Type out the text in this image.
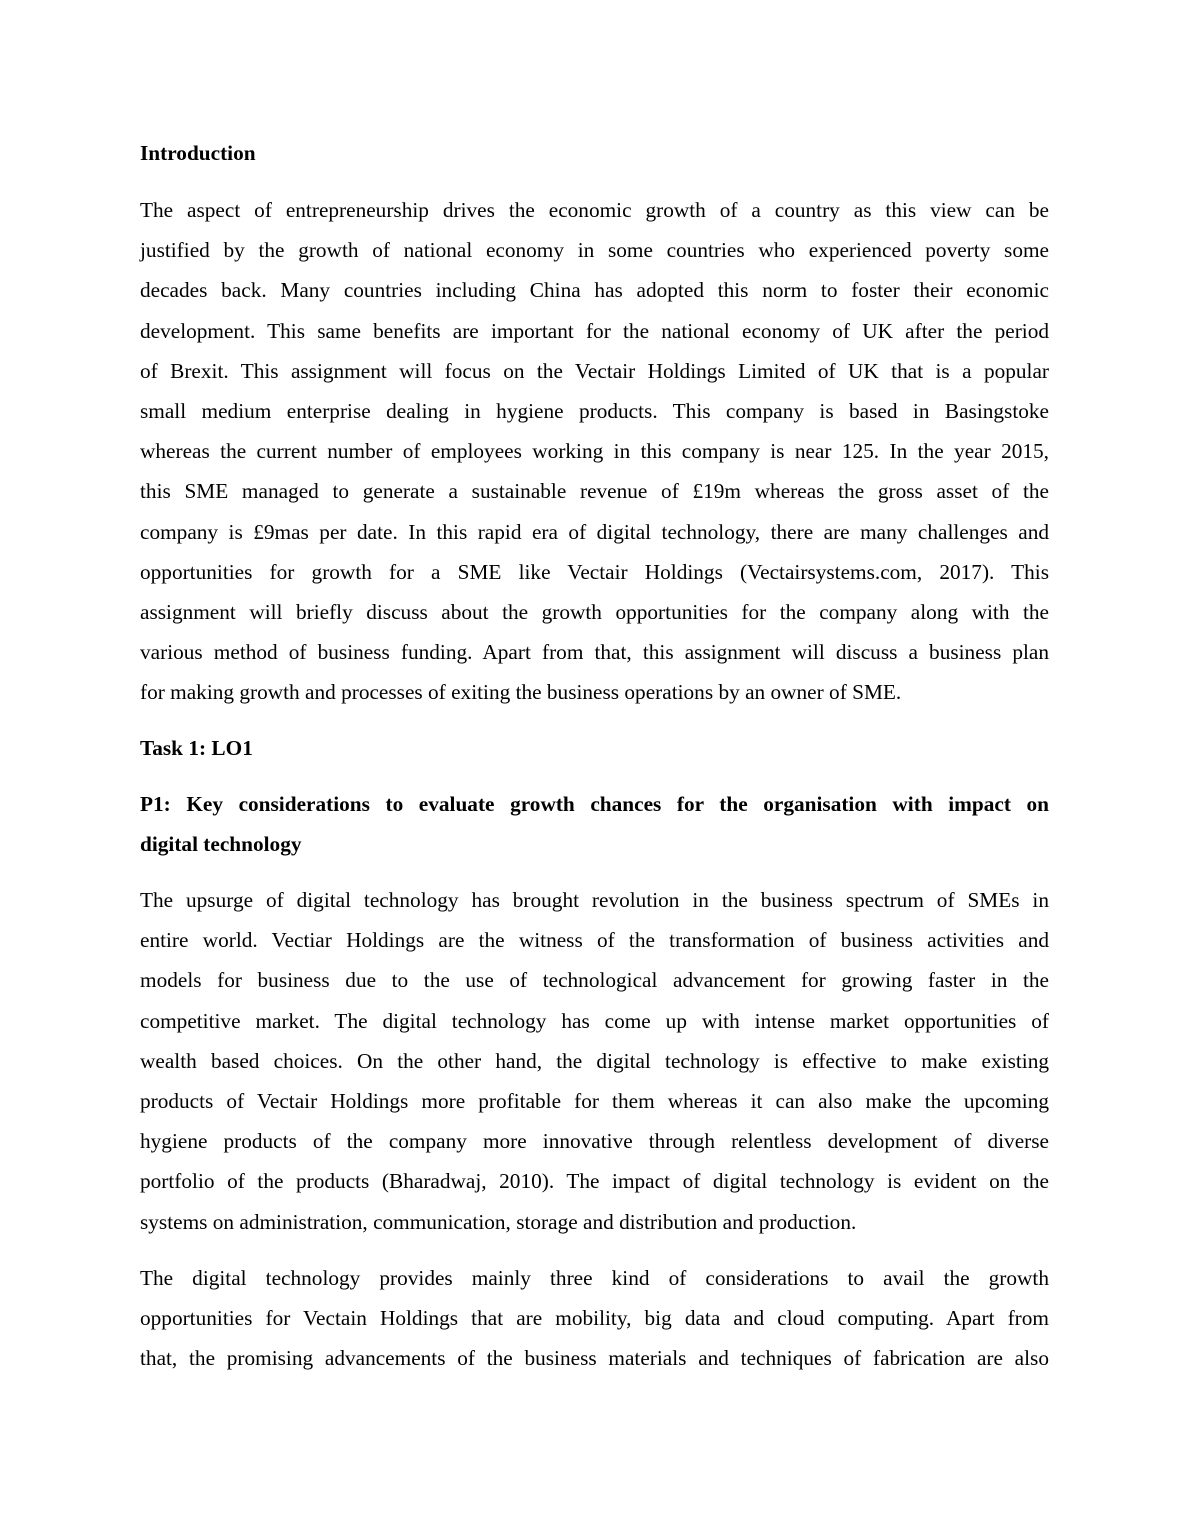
Introduction
The aspect of entrepreneurship drives the economic growth of a country as this view can be
justified by the growth of national economy in some countries who experienced poverty some
decades back. Many countries including China has adopted this norm to foster their economic
development. This same benefits are important for the national economy of UK after the period
of Brexit. This assignment will focus on the Vectair Holdings Limited of UK that is a popular
small medium enterprise dealing in hygiene products. This company is based in Basingstoke
whereas the current number of employees working in this company is near 125. In the year 2015,
this SME managed to generate a sustainable revenue of £19m whereas the gross asset of the
company is £9mas per date. In this rapid era of digital technology, there are many challenges and
opportunities for growth for a SME like Vectair Holdings (Vectairsystems.com, 2017). This
assignment will briefly discuss about the growth opportunities for the company along with the
various method of business funding. Apart from that, this assignment will discuss a business plan
for making growth and processes of exiting the business operations by an owner of SME.
Task 1: LO1
P1: Key considerations to evaluate growth chances for the organisation with impact on
digital technology
The upsurge of digital technology has brought revolution in the business spectrum of SMEs in
entire world. Vectiar Holdings are the witness of the transformation of business activities and
models for business due to the use of technological advancement for growing faster in the
competitive market. The digital technology has come up with intense market opportunities of
wealth based choices. On the other hand, the digital technology is effective to make existing
products of Vectair Holdings more profitable for them whereas it can also make the upcoming
hygiene products of the company more innovative through relentless development of diverse
portfolio of the products (Bharadwaj, 2010). The impact of digital technology is evident on the
systems on administration, communication, storage and distribution and production.
The digital technology provides mainly three kind of considerations to avail the growth
opportunities for Vectain Holdings that are mobility, big data and cloud computing. Apart from
that, the promising advancements of the business materials and techniques of fabrication are also
